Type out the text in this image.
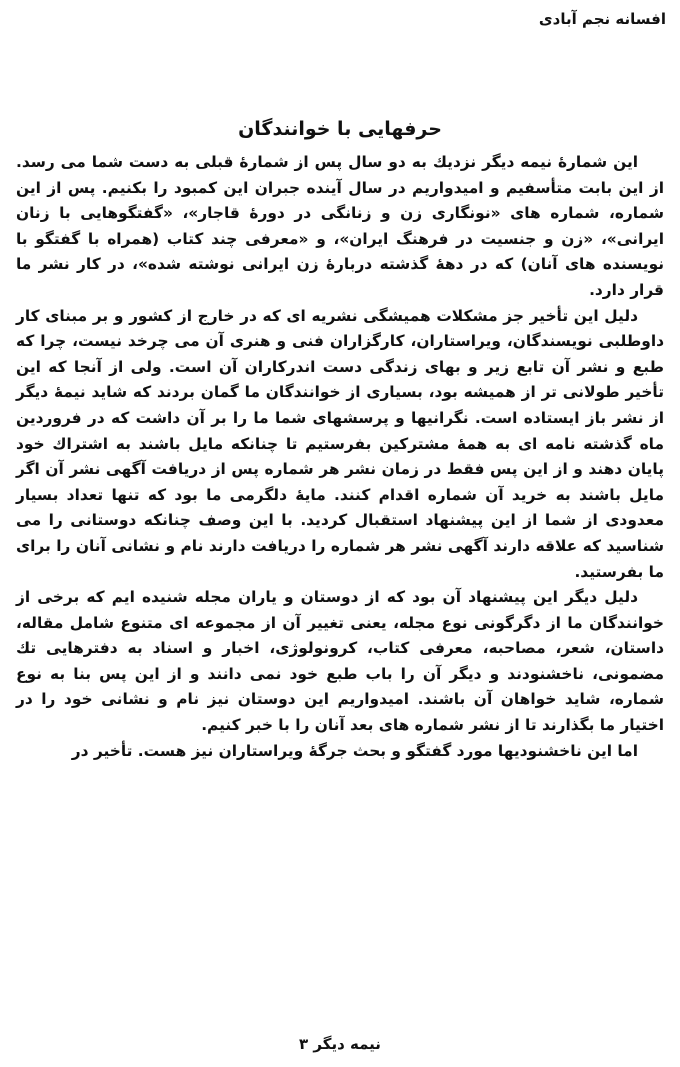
افسانه نجم آبادی
حرفهایی با خوانندگان

این شمارهٔ نیمه دیگر نزدیك به دو سال پس از شمارهٔ قبلی به دست شما می رسد. از این بابت متأسفیم و امیدواریم در سال آینده جبران این کمبود را بکنیم. پس از این شماره، شماره های «نونگاری زن و زنانگی در دورهٔ قاجار»، «گفتگوهایی با زنان ایرانی»، «زن و جنسیت در فرهنگ ایران»، و «معرفی چند کتاب (همراه با گفتگو با نویسنده های آنان) که در دههٔ گذشته دربارهٔ زن ایرانی نوشته شده»، در کار نشر ما قرار دارد.

دلیل این تأخیر جز مشکلات همیشگی نشریه ای که در خارج از کشور و بر مبنای کار داوطلبی نویسندگان، ویراستاران، کارگزاران فنی و هنری آن می چرخد نیست، چرا که طبع و نشر آن تابع زیر و بهای زندگی دست اندرکاران آن است. ولی از آنجا که این تأخیر طولانی تر از همیشه بود، بسیاری از خوانندگان ما گمان بردند که شاید نیمهٔ دیگر از نشر باز ایستاده است. نگرانیها و پرسشهای شما ما را بر آن داشت که در فروردین ماه گذشته نامه ای به همهٔ مشترکین بفرستیم تا چنانکه مایل باشند به اشتراك خود پایان دهند و از این پس فقط در زمان نشر هر شماره پس از دریافت آگهی نشر آن اگر مایل باشند به خرید آن شماره اقدام کنند. مایهٔ دلگرمی ما بود که تنها تعداد بسیار معدودی از شما از این پیشنهاد استقبال کردید. با این وصف چنانکه دوستانی را می شناسید که علاقه دارند آگهی نشر هر شماره را دریافت دارند نام و نشانی آنان را برای ما بفرستید.

دلیل دیگر این پیشنهاد آن بود که از دوستان و یاران مجله شنیده ایم که برخی از خوانندگان ما از دگرگونی نوع مجله، یعنی تغییر آن از مجموعه ای متنوع شامل مقاله، داستان، شعر، مصاحبه، معرفی کتاب، کرونولوژی، اخبار و اسناد به دفترهایی تك مضمونی، ناخشنودند و دیگر آن را باب طبع خود نمی دانند و از این پس بنا به نوع شماره، شاید خواهان آن باشند. امیدواریم این دوستان نیز نام و نشانی خود را در اختیار ما بگذارند تا از نشر شماره های بعد آنان را با خبر کنیم.

اما این ناخشنودیها مورد گفتگو و بحث جرگهٔ ویراستاران نیز هست. تأخیر در

نیمه دیگر ۳
